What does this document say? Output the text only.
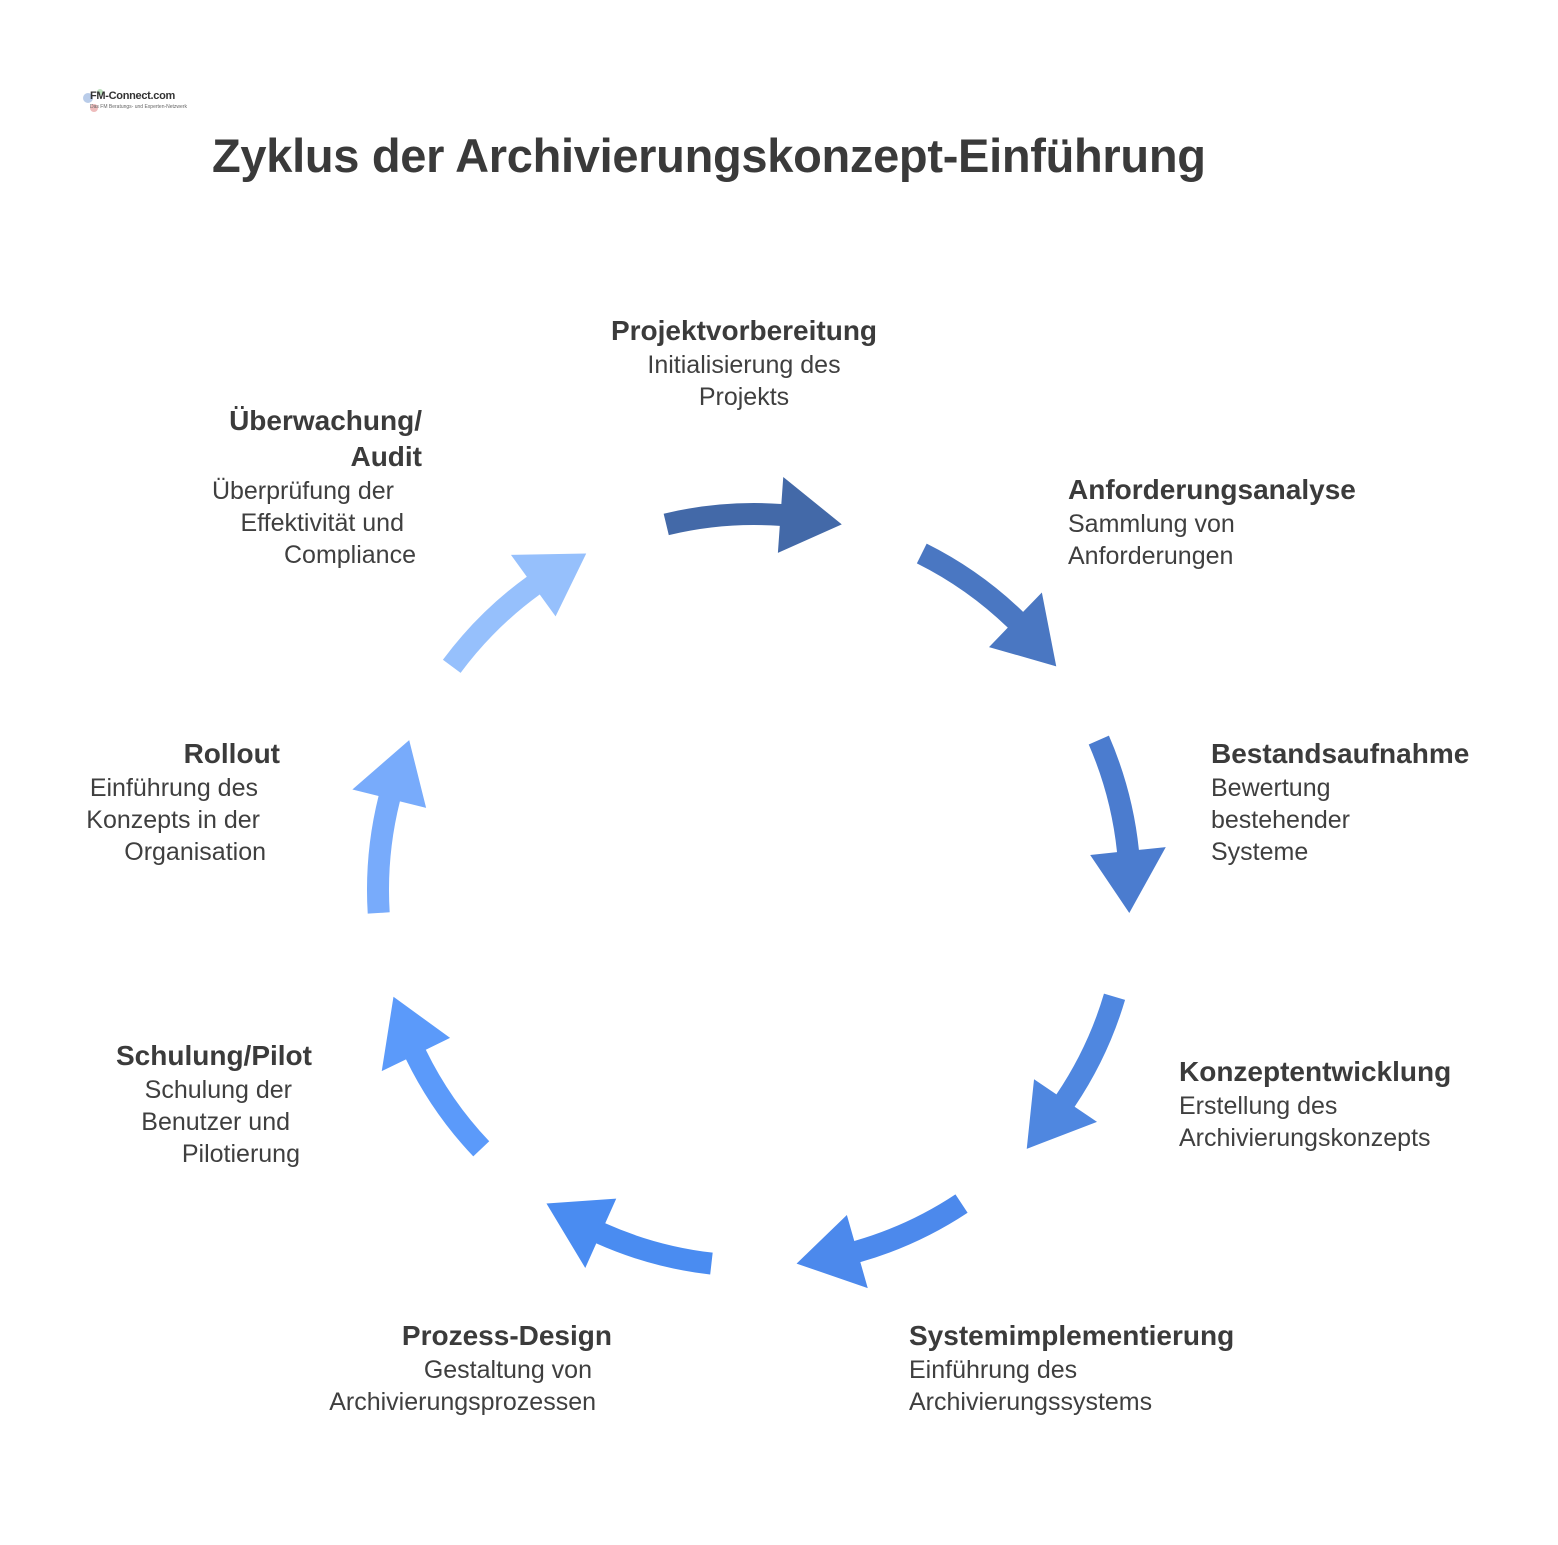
FM-Connect.com
Das FM Beratungs- und Experten-Netzwerk
Zyklus der Archivierungskonzept-Einführung
Projektvorbereitung
Initialisierung des
Projekts
Anforderungsanalyse
Sammlung von
Anforderungen
Bestandsaufnahme
Bewertung
bestehender
Systeme
Konzeptentwicklung
Erstellung des
Archivierungskonzepts
Systemimplementierung
Einführung des
Archivierungssystems
Prozess-Design
Gestaltung von
Archivierungsprozessen
Schulung/Pilot
Schulung der
Benutzer und
Pilotierung
Rollout
Einführung des
Konzepts in der
Organisation
Überwachung/
Audit
Überprüfung der
Effektivität und
Compliance
